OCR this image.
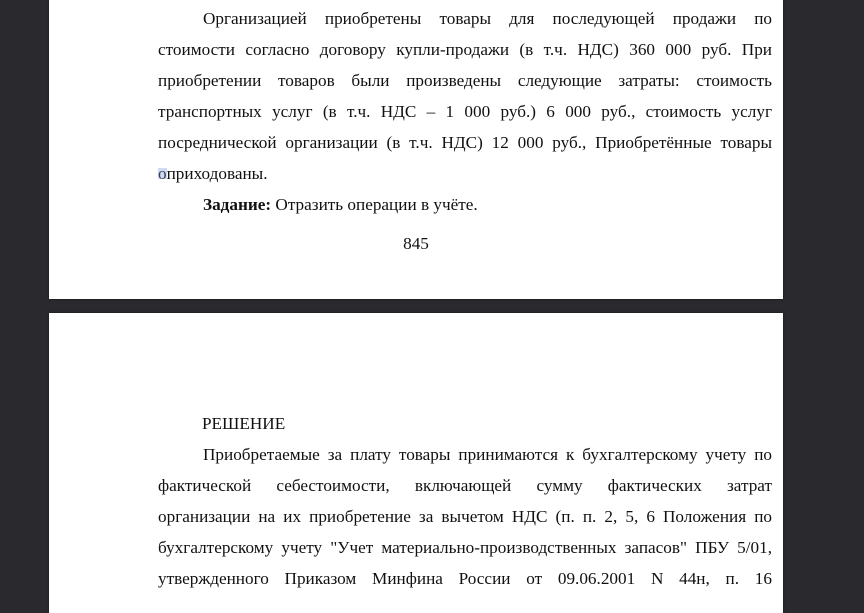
Организацией приобретены товары для последующей продажи по
стоимости согласно договору купли-продажи (в т.ч. НДС) 360 000 руб. При
приобретении товаров были произведены следующие затраты: стоимость
транспортных услуг (в т.ч. НДС – 1 000 руб.) 6 000 руб., стоимость услуг
посреднической организации (в т.ч. НДС) 12 000 руб., Приобретённые товары
оприходованы.
Задание: Отразить операции в учёте.
845
РЕШЕНИЕ
Приобретаемые за плату товары принимаются к бухгалтерскому учету по
фактической себестоимости, включающей сумму фактических затрат
организации на их приобретение за вычетом НДС (п. п. 2, 5, 6 Положения по
бухгалтерскому учету "Учет материально-производственных запасов" ПБУ 5/01,
утвержденного Приказом Минфина России от 09.06.2001 N 44н, п. 16
